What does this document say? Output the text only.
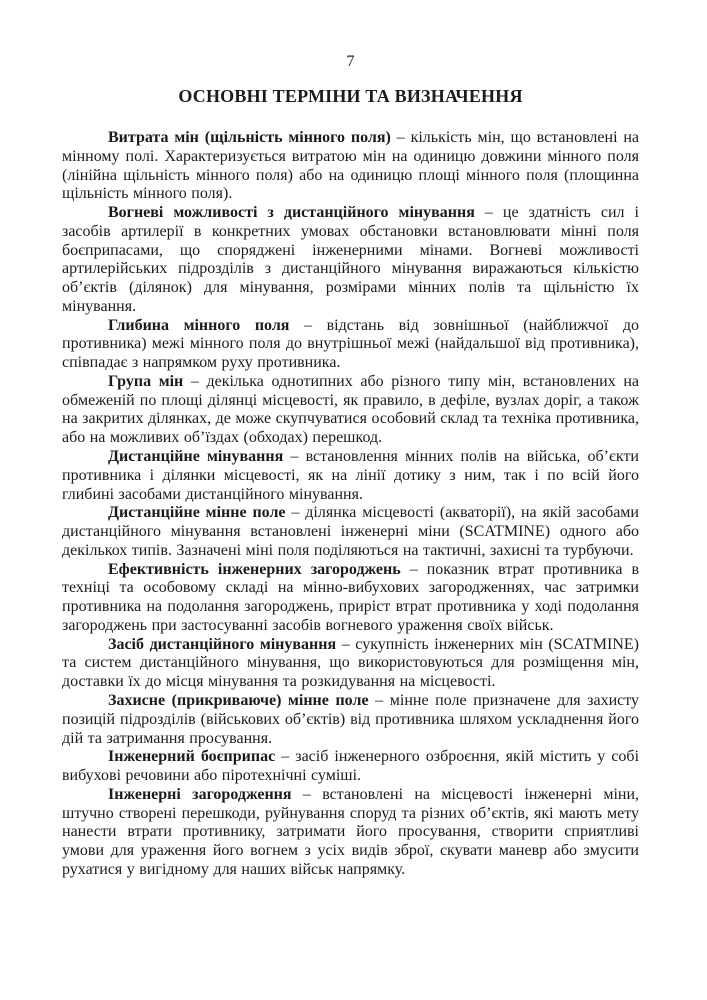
7
ОСНОВНІ ТЕРМІНИ ТА ВИЗНАЧЕННЯ

Витрата мін (щільність мінного поля) – кількість мін, що встановлені на мінному полі. Характеризується витратою мін на одиницю довжини мінного поля (лінійна щільність мінного поля) або на одиницю площі мінного поля (площинна щільність мінного поля).

Вогневі можливості з дистанційного мінування – це здатність сил і засобів артилерії в конкретних умовах обстановки встановлювати мінні поля боєприпасами, що споряджені інженерними мінами. Вогневі можливості артилерійських підрозділів з дистанційного мінування виражаються кількістю об’єктів (ділянок) для мінування, розмірами мінних полів та щільністю їх мінування.

Глибина мінного поля – відстань від зовнішньої (найближчої до противника) межі мінного поля до внутрішньої межі (найдальшої від противника), співпадає з напрямком руху противника.

Група мін – декілька однотипних або різного типу мін, встановлених на обмеженій по площі ділянці місцевості, як правило, в дефіле, вузлах доріг, а також на закритих ділянках, де може скупчуватися особовий склад та техніка противника, або на можливих об’їздах (обходах) перешкод.

Дистанційне мінування – встановлення мінних полів на війська, об’єкти противника і ділянки місцевості, як на лінії дотику з ним, так і по всій його глибині засобами дистанційного мінування.

Дистанційне мінне поле – ділянка місцевості (акваторії), на якій засобами дистанційного мінування встановлені інженерні міни (SCATMINE) одного або декількох типів. Зазначені міні поля поділяються на тактичні, захисні та турбуючи.

Ефективність інженерних загороджень – показник втрат противника в техніці та особовому складі на мінно-вибухових загородженнях, час затримки противника на подолання загороджень, приріст втрат противника у ході подолання загороджень при застосуванні засобів вогневого ураження своїх військ.

Засіб дистанційного мінування – сукупність інженерних мін (SCATMINE) та систем дистанційного мінування, що використовуються для розміщення мін, доставки їх до місця мінування та розкидування на місцевості.

Захисне (прикриваюче) мінне поле – мінне поле призначене для захисту позицій підрозділів (військових об’єктів) від противника шляхом ускладнення його дій та затримання просування.

Інженерний боєприпас – засіб інженерного озброєння, якій містить у собі вибухові речовини або піротехнічні суміші.

Інженерні загородження – встановлені на місцевості інженерні міни, штучно створені перешкоди, руйнування споруд та різних об’єктів, які мають мету нанести втрати противнику, затримати його просування, створити сприятливі умови для ураження його вогнем з усіх видів зброї, скувати маневр або змусити рухатися у вигідному для наших військ напрямку.
